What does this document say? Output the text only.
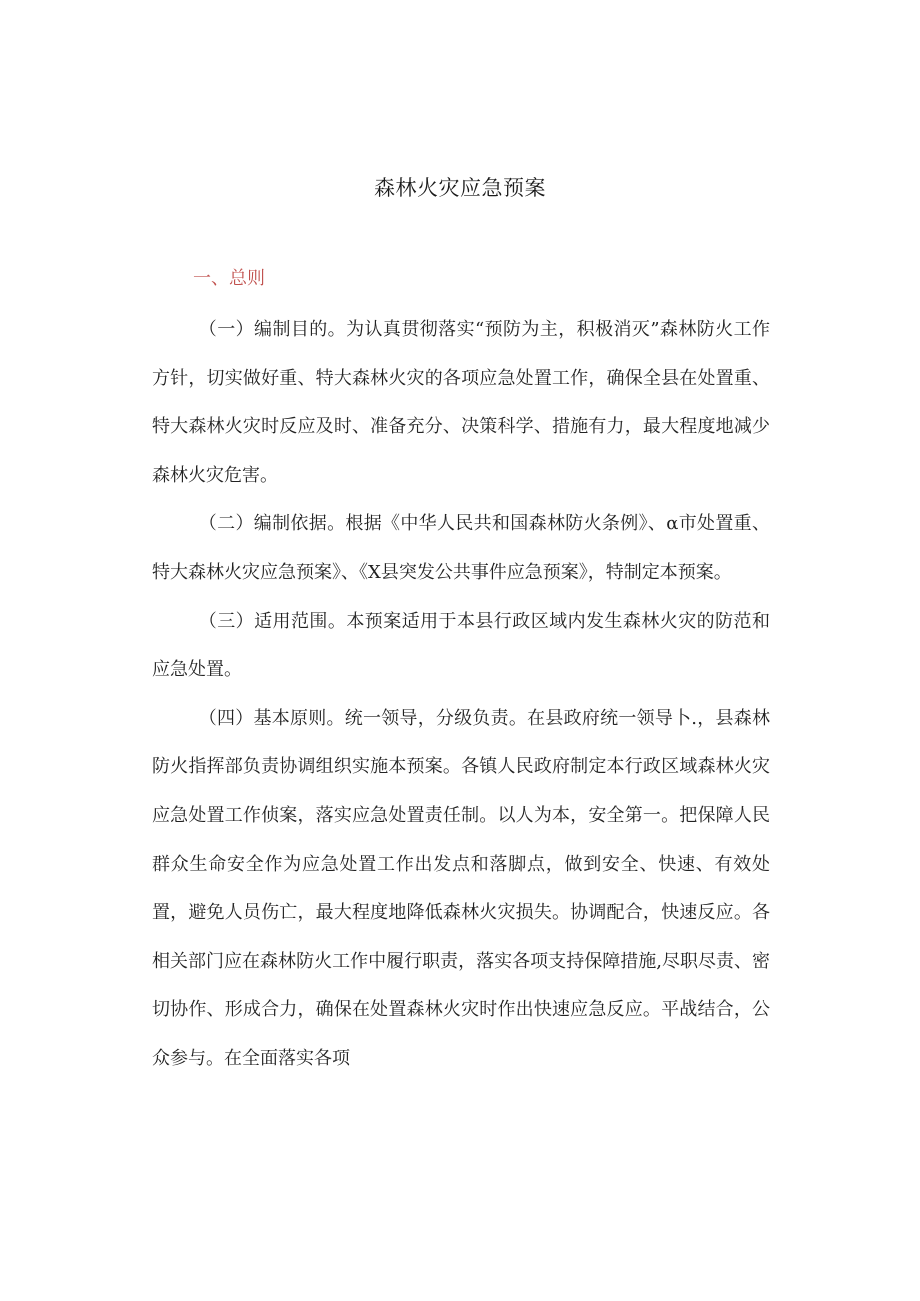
森林火灾应急预案
一、总则

（一）编制目的。为认真贯彻落实“预防为主，积极消灭”森林防火工作方针，切实做好重、特大森林火灾的各项应急处置工作，确保全县在处置重、特大森林火灾时反应及时、准备充分、决策科学、措施有力，最大程度地减少森林火灾危害。

（二）编制依据。根据《中华人民共和国森林防火条例》、α市处置重、特大森林火灾应急预案》、《X县突发公共事件应急预案》，特制定本预案。

（三）适用范围。本预案适用于本县行政区域内发生森林火灾的防范和应急处置。

（四）基本原则。统一领导，分级负责。在县政府统一领导卜.，县森林防火指挥部负责协调组织实施本预案。各镇人民政府制定本行政区域森林火灾应急处置工作侦案，落实应急处置责任制。以人为本，安全第一。把保障人民群众生命安全作为应急处置工作出发点和落脚点，做到安全、快速、有效处置，避免人员伤亡，最大程度地降低森林火灾损失。协调配合，快速反应。各相关部门应在森林防火工作中履行职责，落实各项支持保障措施,尽职尽责、密切协作、形成合力，确保在处置森林火灾时作出快速应急反应。平战结合，公众参与。在全面落实各项
